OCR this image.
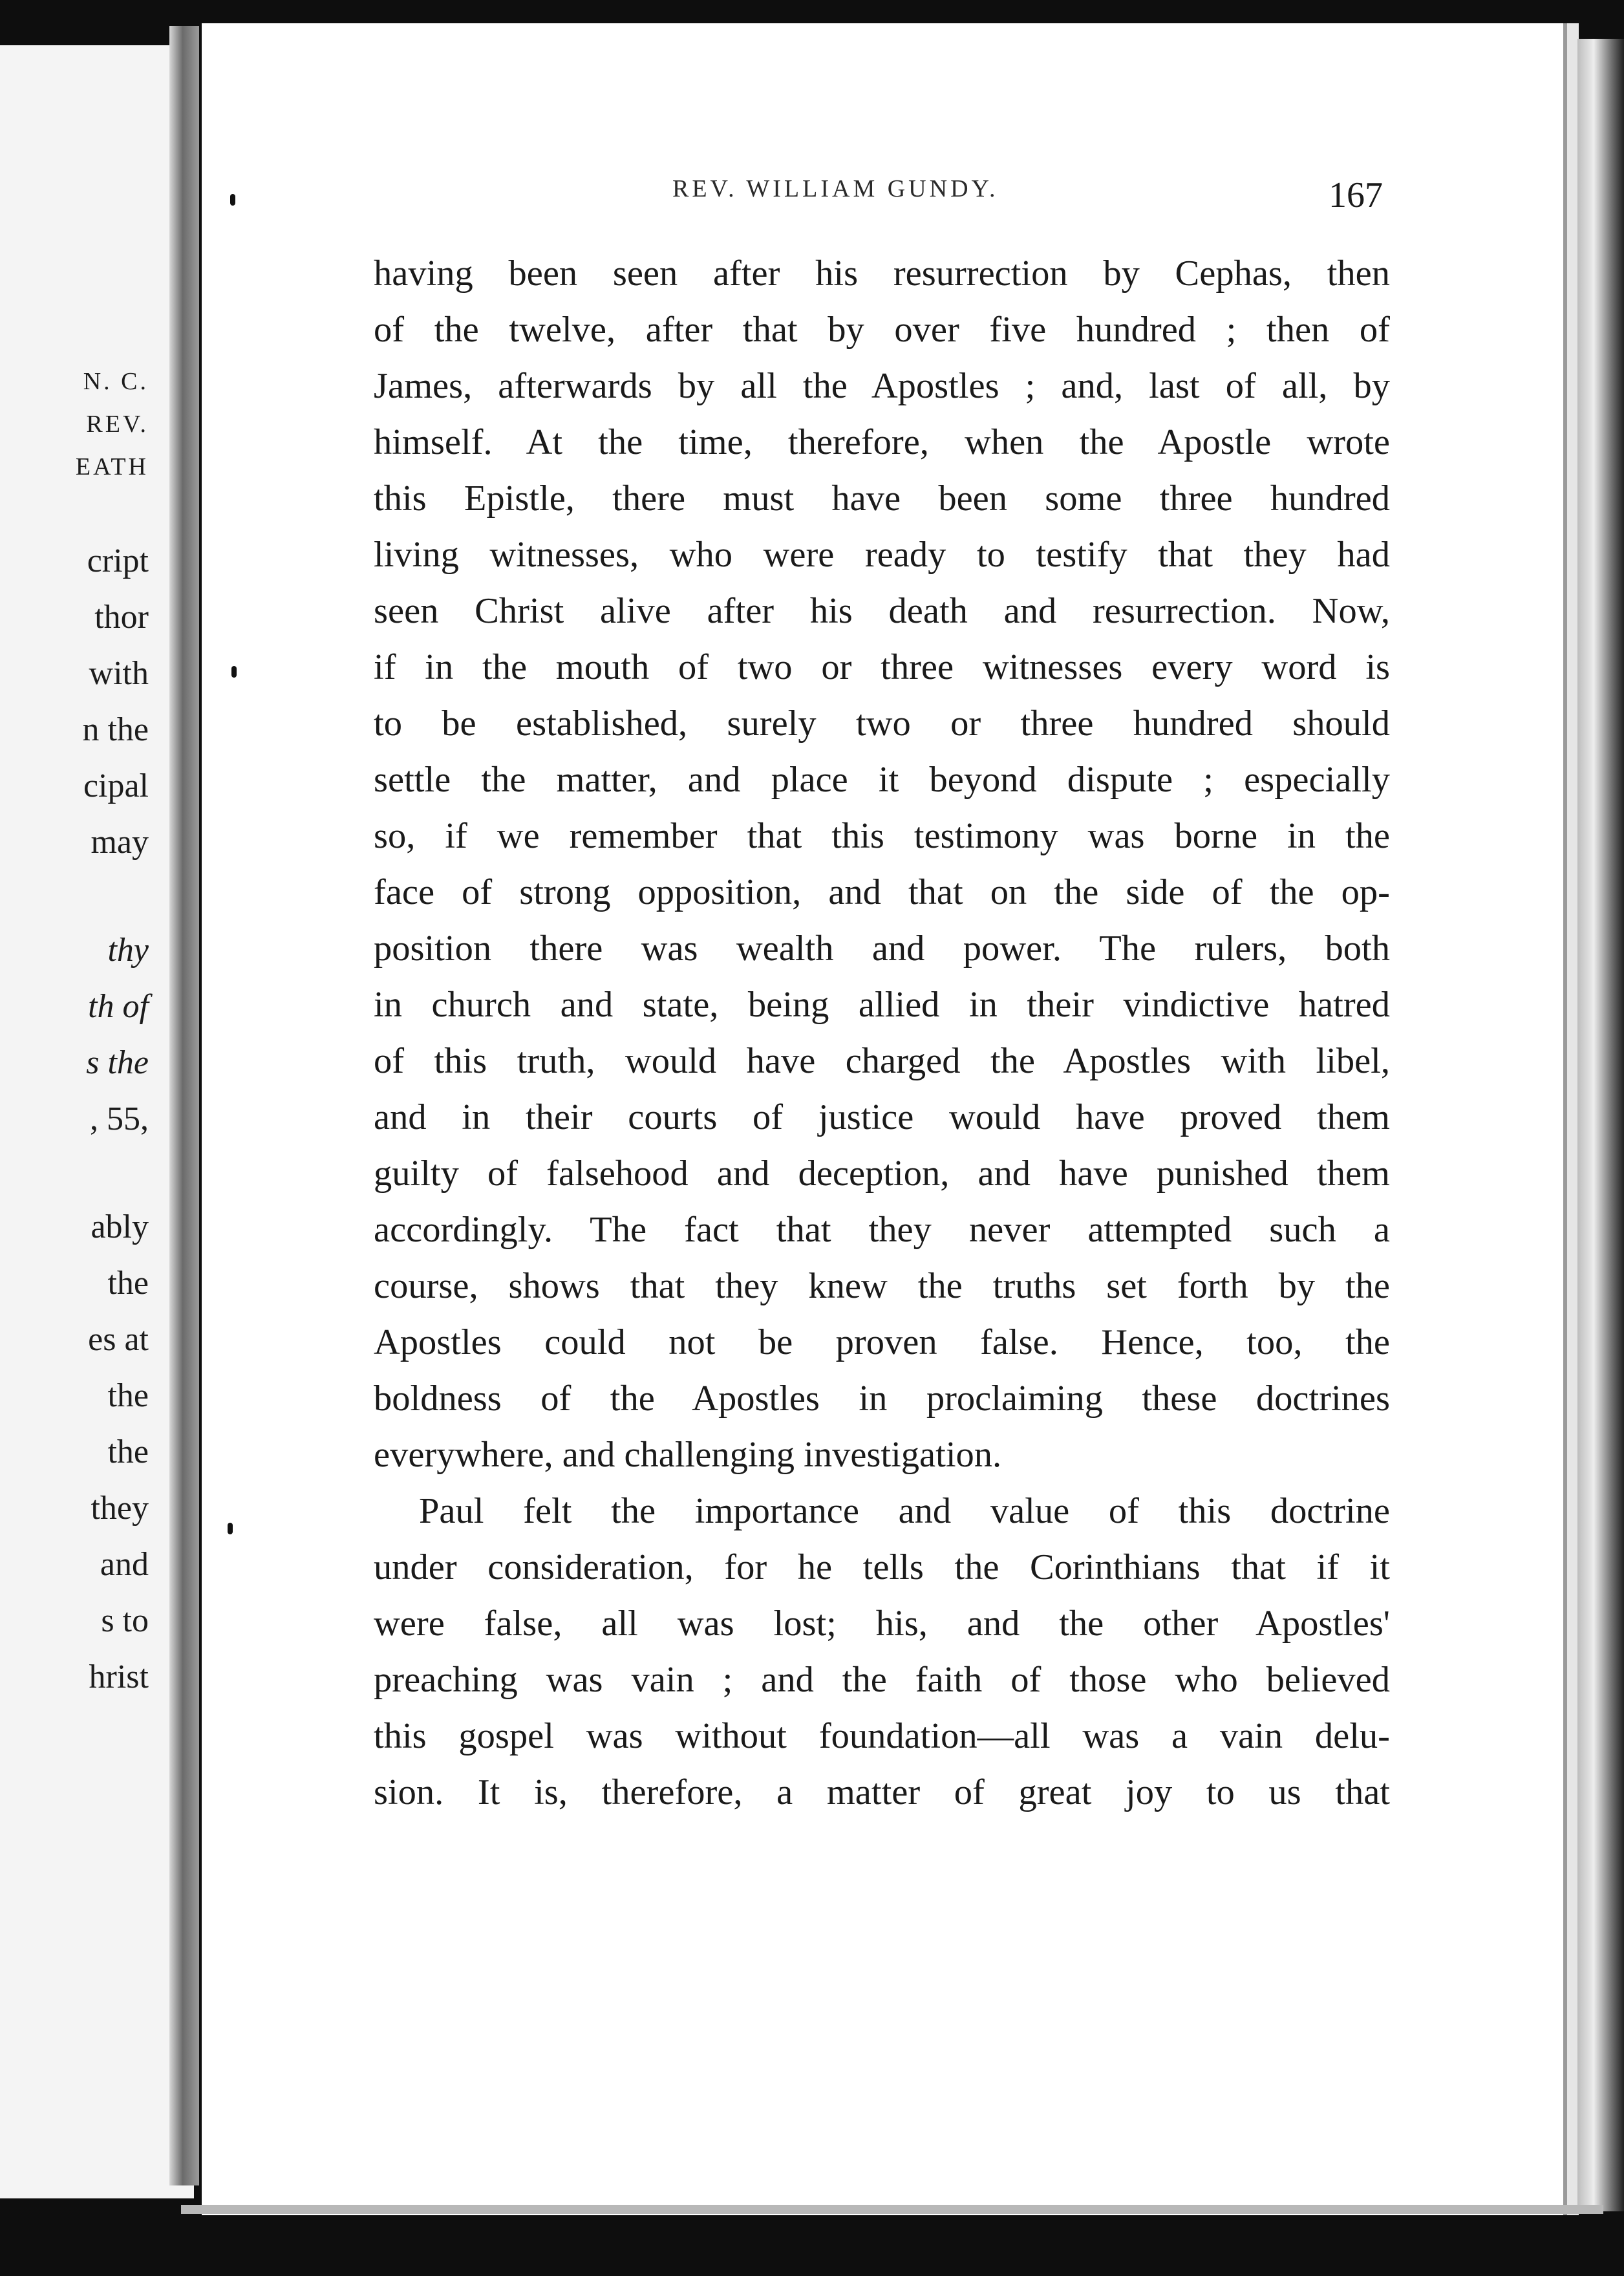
N. C.
REV.
EATH
cript
thor
with
n the
cipal
may
thy
th of
s the
, 55,
ably
the
es at
the
the
they
and
s to
hrist
REV. WILLIAM GUNDY.	167
having been seen after his resurrection by Cephas, then
of the twelve, after that by over five hundred ; then of
James, afterwards by all the Apostles ; and, last of all, by
himself. At the time, therefore, when the Apostle wrote
this Epistle, there must have been some three hundred
living witnesses, who were ready to testify that they had
seen Christ alive after his death and resurrection. Now,
if in the mouth of two or three witnesses every word is
to be established, surely two or three hundred should
settle the matter, and place it beyond dispute ; especially
so, if we remember that this testimony was borne in the
face of strong opposition, and that on the side of the op-
position there was wealth and power. The rulers, both
in church and state, being allied in their vindictive hatred
of this truth, would have charged the Apostles with libel,
and in their courts of justice would have proved them
guilty of falsehood and deception, and have punished them
accordingly. The fact that they never attempted such a
course, shows that they knew the truths set forth by the
Apostles could not be proven false. Hence, too, the
boldness of the Apostles in proclaiming these doctrines
everywhere, and challenging investigation.
Paul felt the importance and value of this doctrine
under consideration, for he tells the Corinthians that if it
were false, all was lost; his, and the other Apostles'
preaching was vain ; and the faith of those who believed
this gospel was without foundation—all was a vain delu-
sion. It is, therefore, a matter of great joy to us that
